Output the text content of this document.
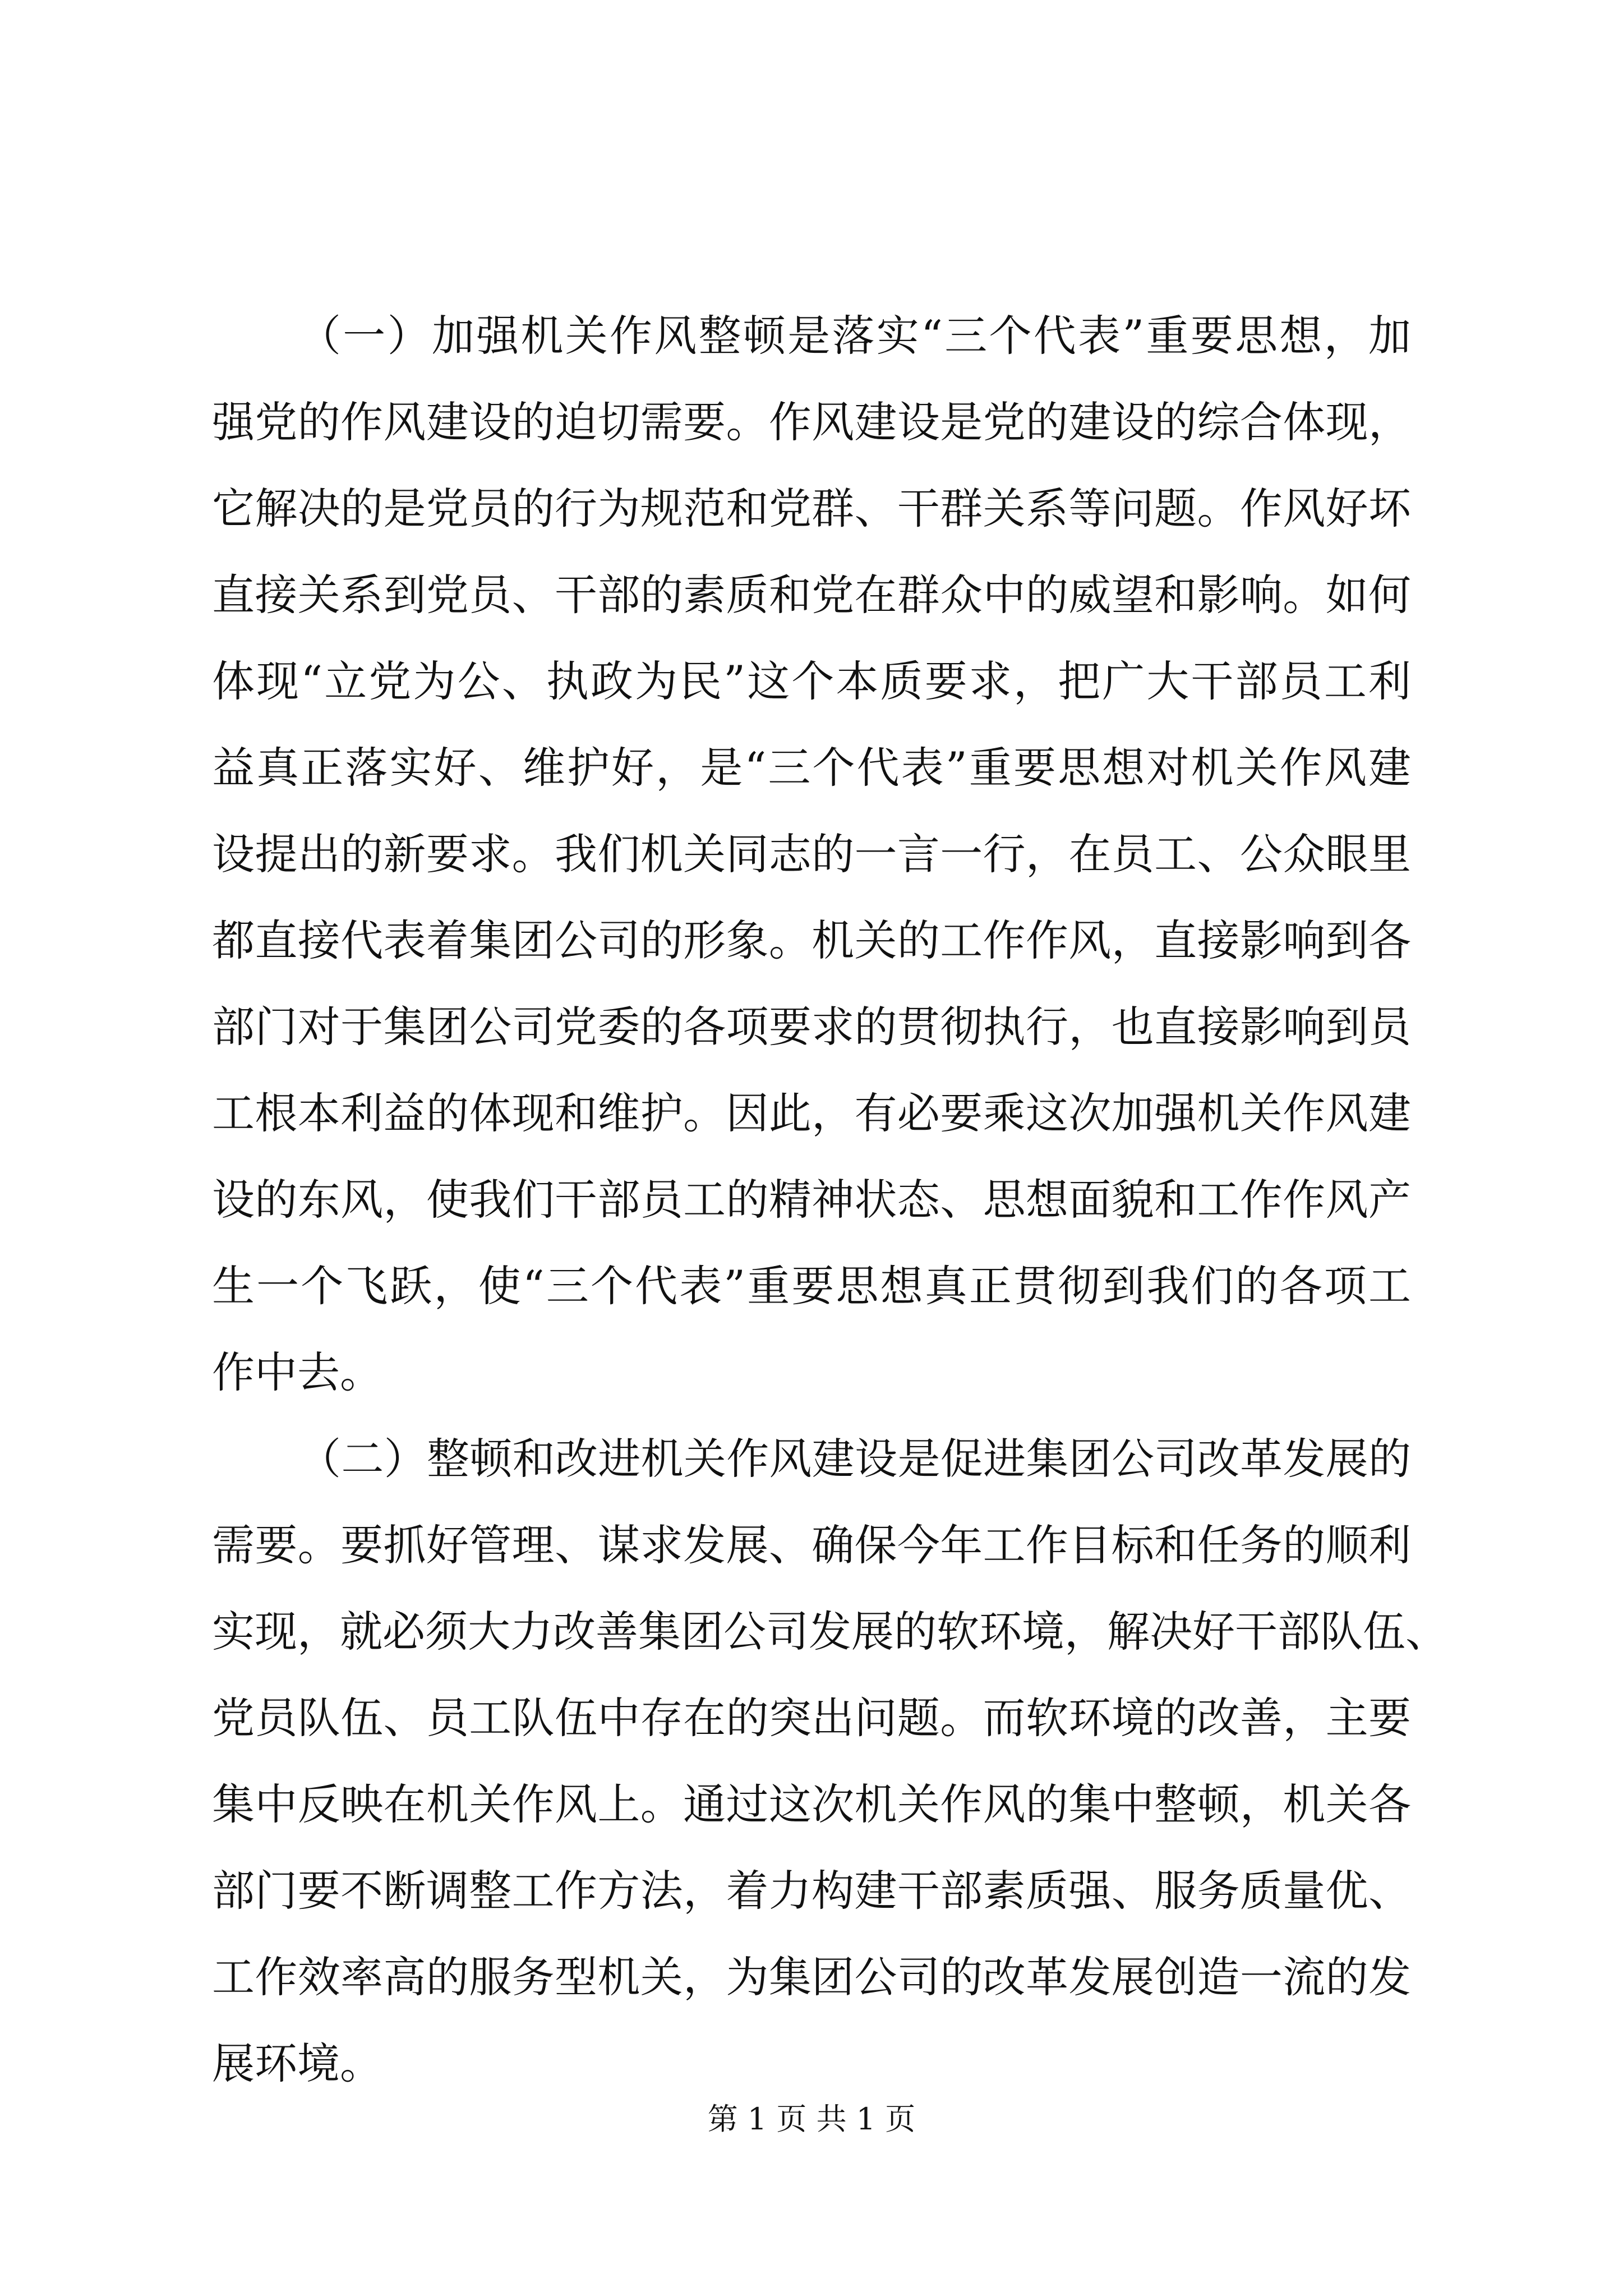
（一）加强机关作风整顿是落实“三个代表”重要思想，加
强党的作风建设的迫切需要。作风建设是党的建设的综合体现，
它解决的是党员的行为规范和党群、干群关系等问题。作风好坏
直接关系到党员、干部的素质和党在群众中的威望和影响。如何
体现“立党为公、执政为民”这个本质要求，把广大干部员工利
益真正落实好、维护好，是“三个代表”重要思想对机关作风建
设提出的新要求。我们机关同志的一言一行，在员工、公众眼里
都直接代表着集团公司的形象。机关的工作作风，直接影响到各
部门对于集团公司党委的各项要求的贯彻执行，也直接影响到员
工根本利益的体现和维护。因此，有必要乘这次加强机关作风建
设的东风，使我们干部员工的精神状态、思想面貌和工作作风产
生一个飞跃，使“三个代表”重要思想真正贯彻到我们的各项工
作中去。
（二）整顿和改进机关作风建设是促进集团公司改革发展的
需要。要抓好管理、谋求发展、确保今年工作目标和任务的顺利
实现，就必须大力改善集团公司发展的软环境，解决好干部队伍、
党员队伍、员工队伍中存在的突出问题。而软环境的改善，主要
集中反映在机关作风上。通过这次机关作风的集中整顿，机关各
部门要不断调整工作方法，着力构建干部素质强、服务质量优、
工作效率高的服务型机关，为集团公司的改革发展创造一流的发
展环境。
第 1 页 共 1 页
